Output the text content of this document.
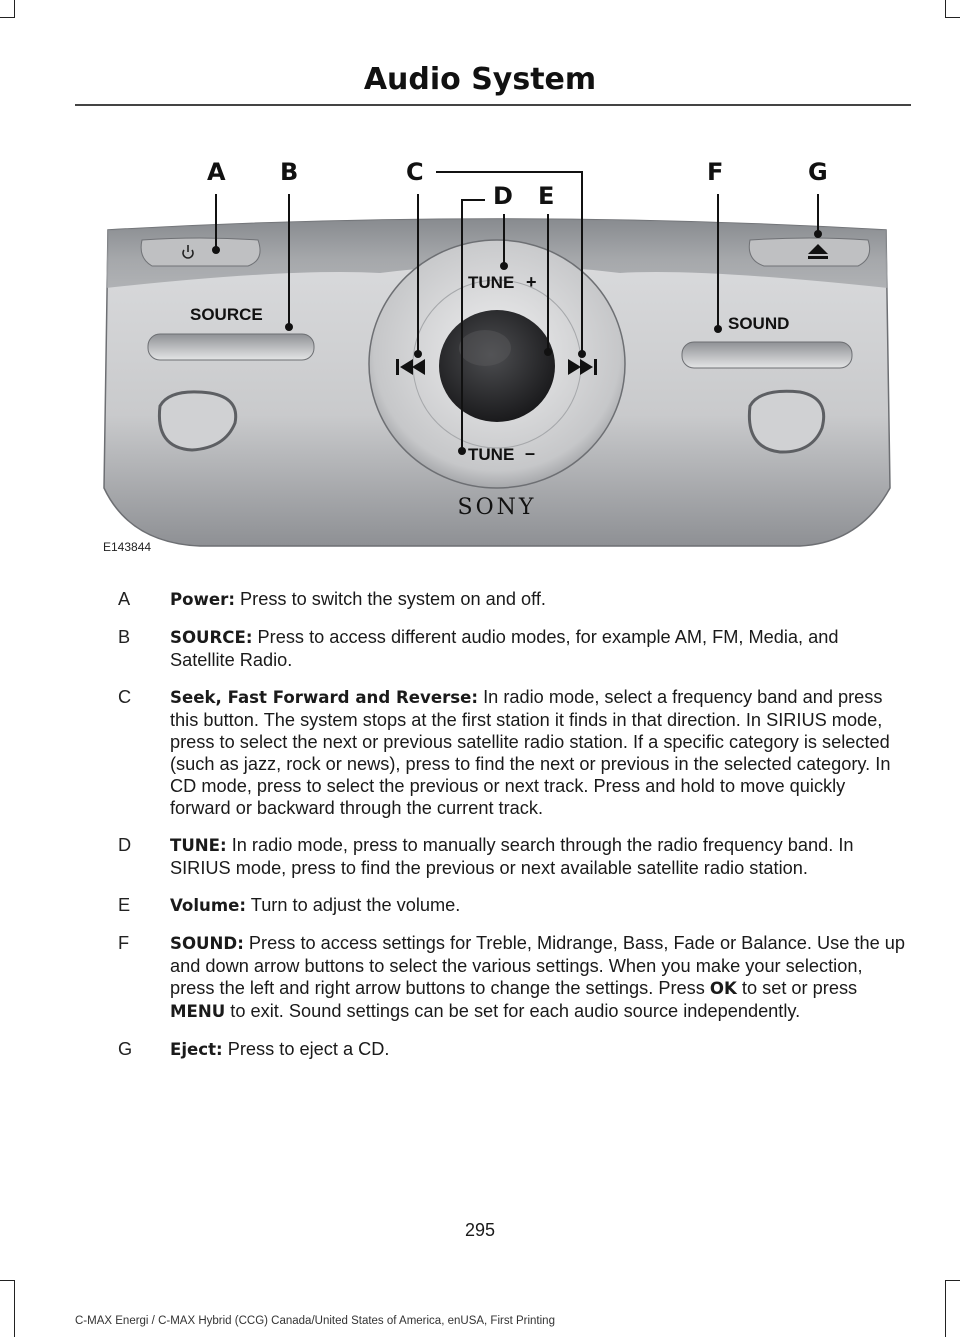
Audio System
SOURCE	SOUND
TUNE +
TUNE –
SONY
A B	C
D E
F	G
E143844
A	Power: Press to switch the system on and off.
B	SOURCE: Press to access different audio modes, for example AM, FM, Media, and Satellite Radio.
C	Seek, Fast Forward and Reverse: In radio mode, select a frequency band and press this button. The system stops at the first station it finds in that direction. In SIRIUS mode, press to select the next or previous satellite radio station. If a specific category is selected (such as jazz, rock or news), press to find the next or previous in the selected category. In CD mode, press to select the previous or next track. Press and hold to move quickly forward or backward through the current track.
D	TUNE: In radio mode, press to manually search through the radio frequency band. In SIRIUS mode, press to find the previous or next available satellite radio station.
E	Volume: Turn to adjust the volume.
F	SOUND: Press to access settings for Treble, Midrange, Bass, Fade or Balance. Use the up and down arrow buttons to select the various settings. When you make your selection, press the left and right arrow buttons to change the settings. Press OK to set or press MENU to exit. Sound settings can be set for each audio source independently.
G	Eject: Press to eject a CD.
295
C-MAX Energi / C-MAX Hybrid (CCG) Canada/United States of America, enUSA, First Printing
